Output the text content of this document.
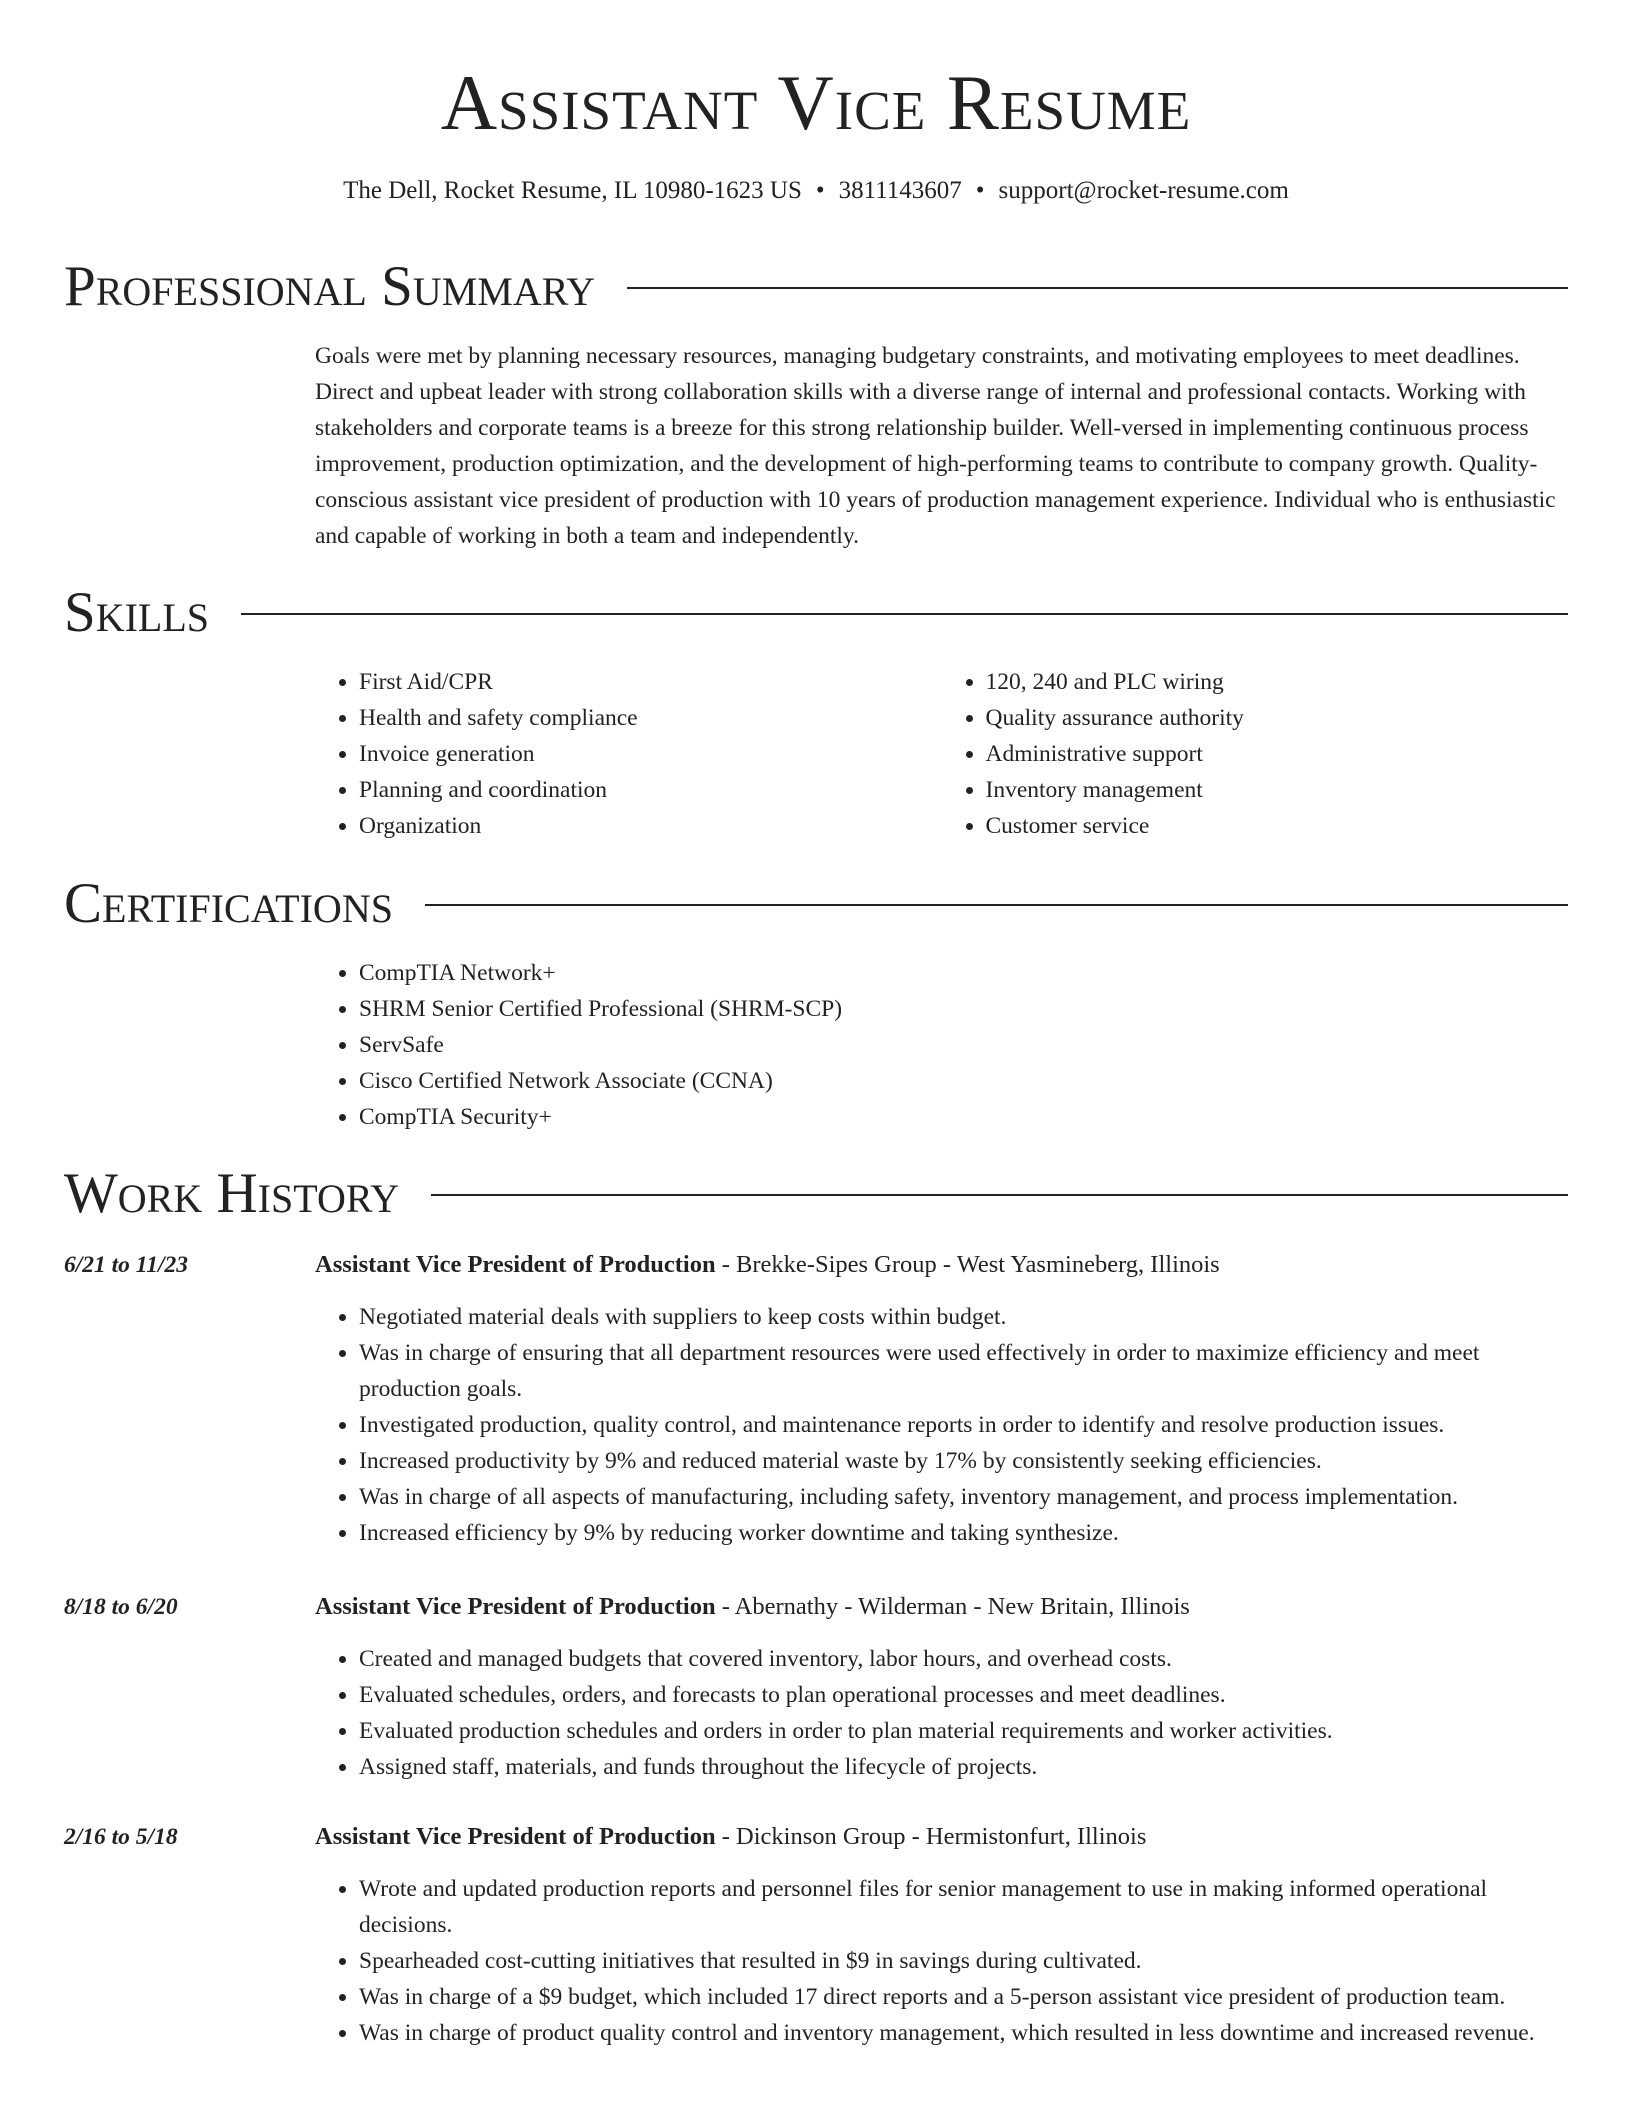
Assistant Vice Resume
The Dell, Rocket Resume, IL 10980-1623 US • 3811143607 • support@rocket-resume.com
Professional Summary

Goals were met by planning necessary resources, managing budgetary constraints, and motivating employees to meet deadlines. Direct and upbeat leader with strong collaboration skills with a diverse range of internal and professional contacts. Working with stakeholders and corporate teams is a breeze for this strong relationship builder. Well-versed in implementing continuous process improvement, production optimization, and the development of high-performing teams to contribute to company growth. Quality-conscious assistant vice president of production with 10 years of production management experience. Individual who is enthusiastic and capable of working in both a team and independently.

Skills
• First Aid/CPR
• Health and safety compliance
• Invoice generation
• Planning and coordination
• Organization
• 120, 240 and PLC wiring
• Quality assurance authority
• Administrative support
• Inventory management
• Customer service
Certifications
• CompTIA Network+
• SHRM Senior Certified Professional (SHRM-SCP)
• ServSafe
• Cisco Certified Network Associate (CCNA)
• CompTIA Security+
Work History
6/21 to 11/23	Assistant Vice President of Production - Brekke-Sipes Group - West Yasmineberg, Illinois
• Negotiated material deals with suppliers to keep costs within budget.
• Was in charge of ensuring that all department resources were used effectively in order to maximize efficiency and meet production goals.
• Investigated production, quality control, and maintenance reports in order to identify and resolve production issues.
• Increased productivity by 9% and reduced material waste by 17% by consistently seeking efficiencies.
• Was in charge of all aspects of manufacturing, including safety, inventory management, and process implementation.
• Increased efficiency by 9% by reducing worker downtime and taking synthesize.
8/18 to 6/20	Assistant Vice President of Production - Abernathy - Wilderman - New Britain, Illinois
• Created and managed budgets that covered inventory, labor hours, and overhead costs.
• Evaluated schedules, orders, and forecasts to plan operational processes and meet deadlines.
• Evaluated production schedules and orders in order to plan material requirements and worker activities.
• Assigned staff, materials, and funds throughout the lifecycle of projects.
2/16 to 5/18	Assistant Vice President of Production - Dickinson Group - Hermistonfurt, Illinois
• Wrote and updated production reports and personnel files for senior management to use in making informed operational decisions.
• Spearheaded cost-cutting initiatives that resulted in $9 in savings during cultivated.
• Was in charge of a $9 budget, which included 17 direct reports and a 5-person assistant vice president of production team.
• Was in charge of product quality control and inventory management, which resulted in less downtime and increased revenue.
